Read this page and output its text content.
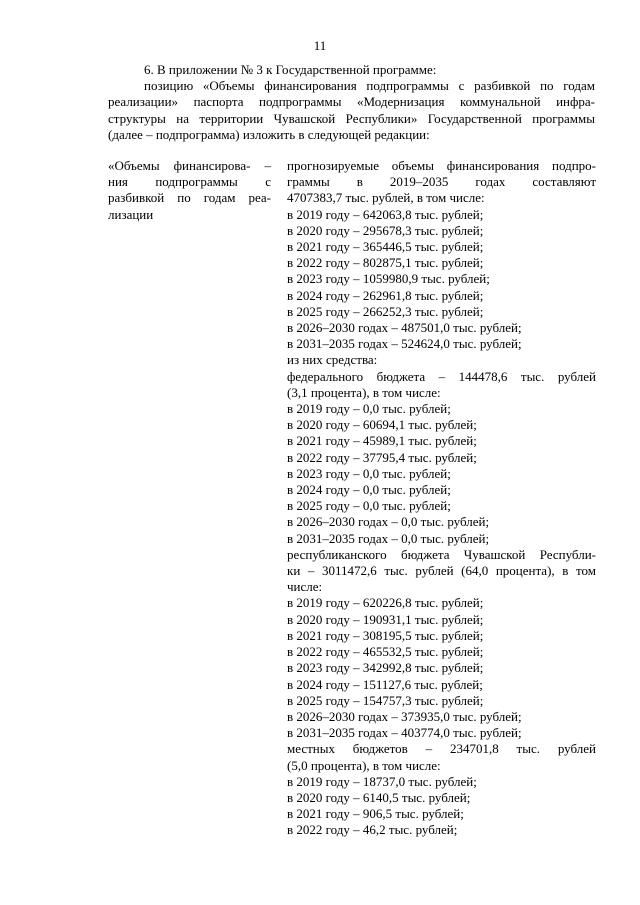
11

6. В приложении № 3 к Государственной программе:

позицию «Объемы финансирования подпрограммы с разбивкой по годам

реализации» паспорта подпрограммы «Модернизация коммунальной инфра-

структуры на территории Чувашской Республики» Государственной программы

(далее – подпрограмма) изложить в следующей редакции:

«Объемы финансирова- –
ния подпрограммы с
разбивкой по годам реа-
лизации
прогнозируемые объемы финансирования подпро-
граммы в 2019–2035 годах составляют
4707383,7 тыс. рублей, в том числе:
в 2019 году – 642063,8 тыс. рублей;
в 2020 году – 295678,3 тыс. рублей;
в 2021 году – 365446,5 тыс. рублей;
в 2022 году – 802875,1 тыс. рублей;
в 2023 году – 1059980,9 тыс. рублей;
в 2024 году – 262961,8 тыс. рублей;
в 2025 году – 266252,3 тыс. рублей;
в 2026–2030 годах – 487501,0 тыс. рублей;
в 2031–2035 годах – 524624,0 тыс. рублей;
из них средства:
федерального бюджета – 144478,6 тыс. рублей
(3,1 процента), в том числе:
в 2019 году – 0,0 тыс. рублей;
в 2020 году – 60694,1 тыс. рублей;
в 2021 году – 45989,1 тыс. рублей;
в 2022 году – 37795,4 тыс. рублей;
в 2023 году – 0,0 тыс. рублей;
в 2024 году – 0,0 тыс. рублей;
в 2025 году – 0,0 тыс. рублей;
в 2026–2030 годах – 0,0 тыс. рублей;
в 2031–2035 годах – 0,0 тыс. рублей;
республиканского бюджета Чувашской Республи-
ки – 3011472,6 тыс. рублей (64,0 процента), в том
числе:
в 2019 году – 620226,8 тыс. рублей;
в 2020 году – 190931,1 тыс. рублей;
в 2021 году – 308195,5 тыс. рублей;
в 2022 году – 465532,5 тыс. рублей;
в 2023 году – 342992,8 тыс. рублей;
в 2024 году – 151127,6 тыс. рублей;
в 2025 году – 154757,3 тыс. рублей;
в 2026–2030 годах – 373935,0 тыс. рублей;
в 2031–2035 годах – 403774,0 тыс. рублей;
местных бюджетов – 234701,8 тыс. рублей
(5,0 процента), в том числе:
в 2019 году – 18737,0 тыс. рублей;
в 2020 году – 6140,5 тыс. рублей;
в 2021 году – 906,5 тыс. рублей;
в 2022 году – 46,2 тыс. рублей;
